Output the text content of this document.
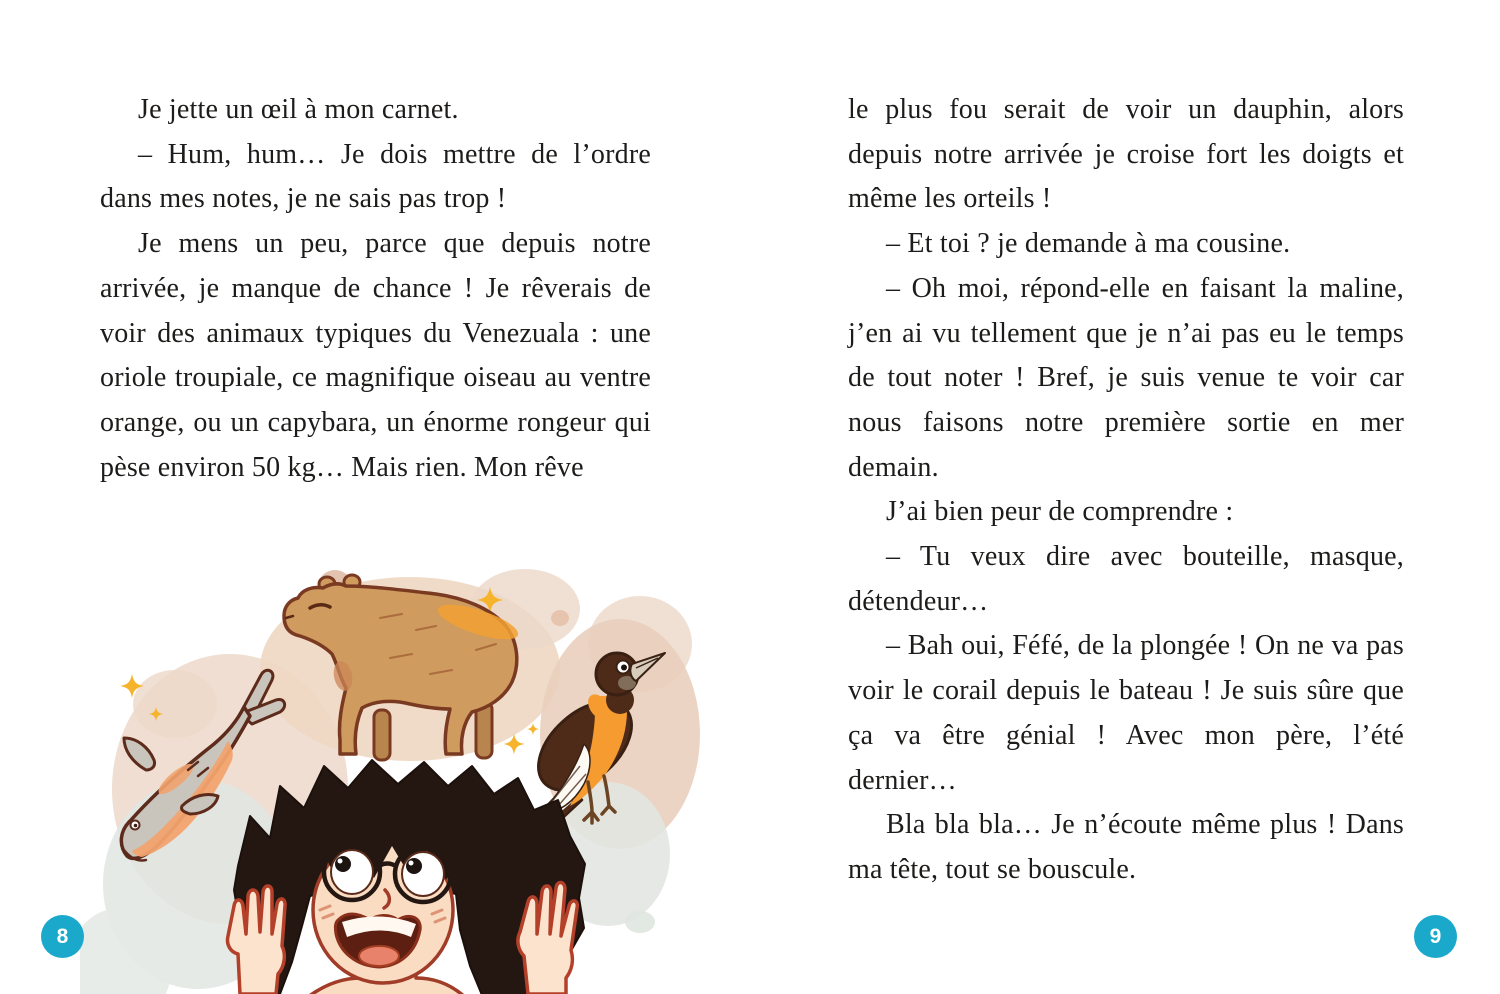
Je jette un œil à mon carnet.

– Hum, hum… Je dois mettre de l’ordre dans mes notes, je ne sais pas trop !

Je mens un peu, parce que depuis notre arrivée, je manque de chance ! Je rêverais de voir des animaux typiques du Venezuala : une oriole troupiale, ce magnifique oiseau au ventre orange, ou un capybara, un énorme rongeur qui pèse environ 50 kg… Mais rien. Mon rêve

8

le plus fou serait de voir un dauphin, alors depuis notre arrivée je croise fort les doigts et même les orteils !

– Et toi ? je demande à ma cousine.

– Oh moi, répond-elle en faisant la maline, j’en ai vu tellement que je n’ai pas eu le temps de tout noter ! Bref, je suis venue te voir car nous faisons notre première sortie en mer demain.

J’ai bien peur de comprendre :

– Tu veux dire avec bouteille, masque, détendeur…

– Bah oui, Féfé, de la plongée ! On ne va pas voir le corail depuis le bateau ! Je suis sûre que ça va être génial ! Avec mon père, l’été dernier…

Bla bla bla… Je n’écoute même plus ! Dans ma tête, tout se bouscule.

9
